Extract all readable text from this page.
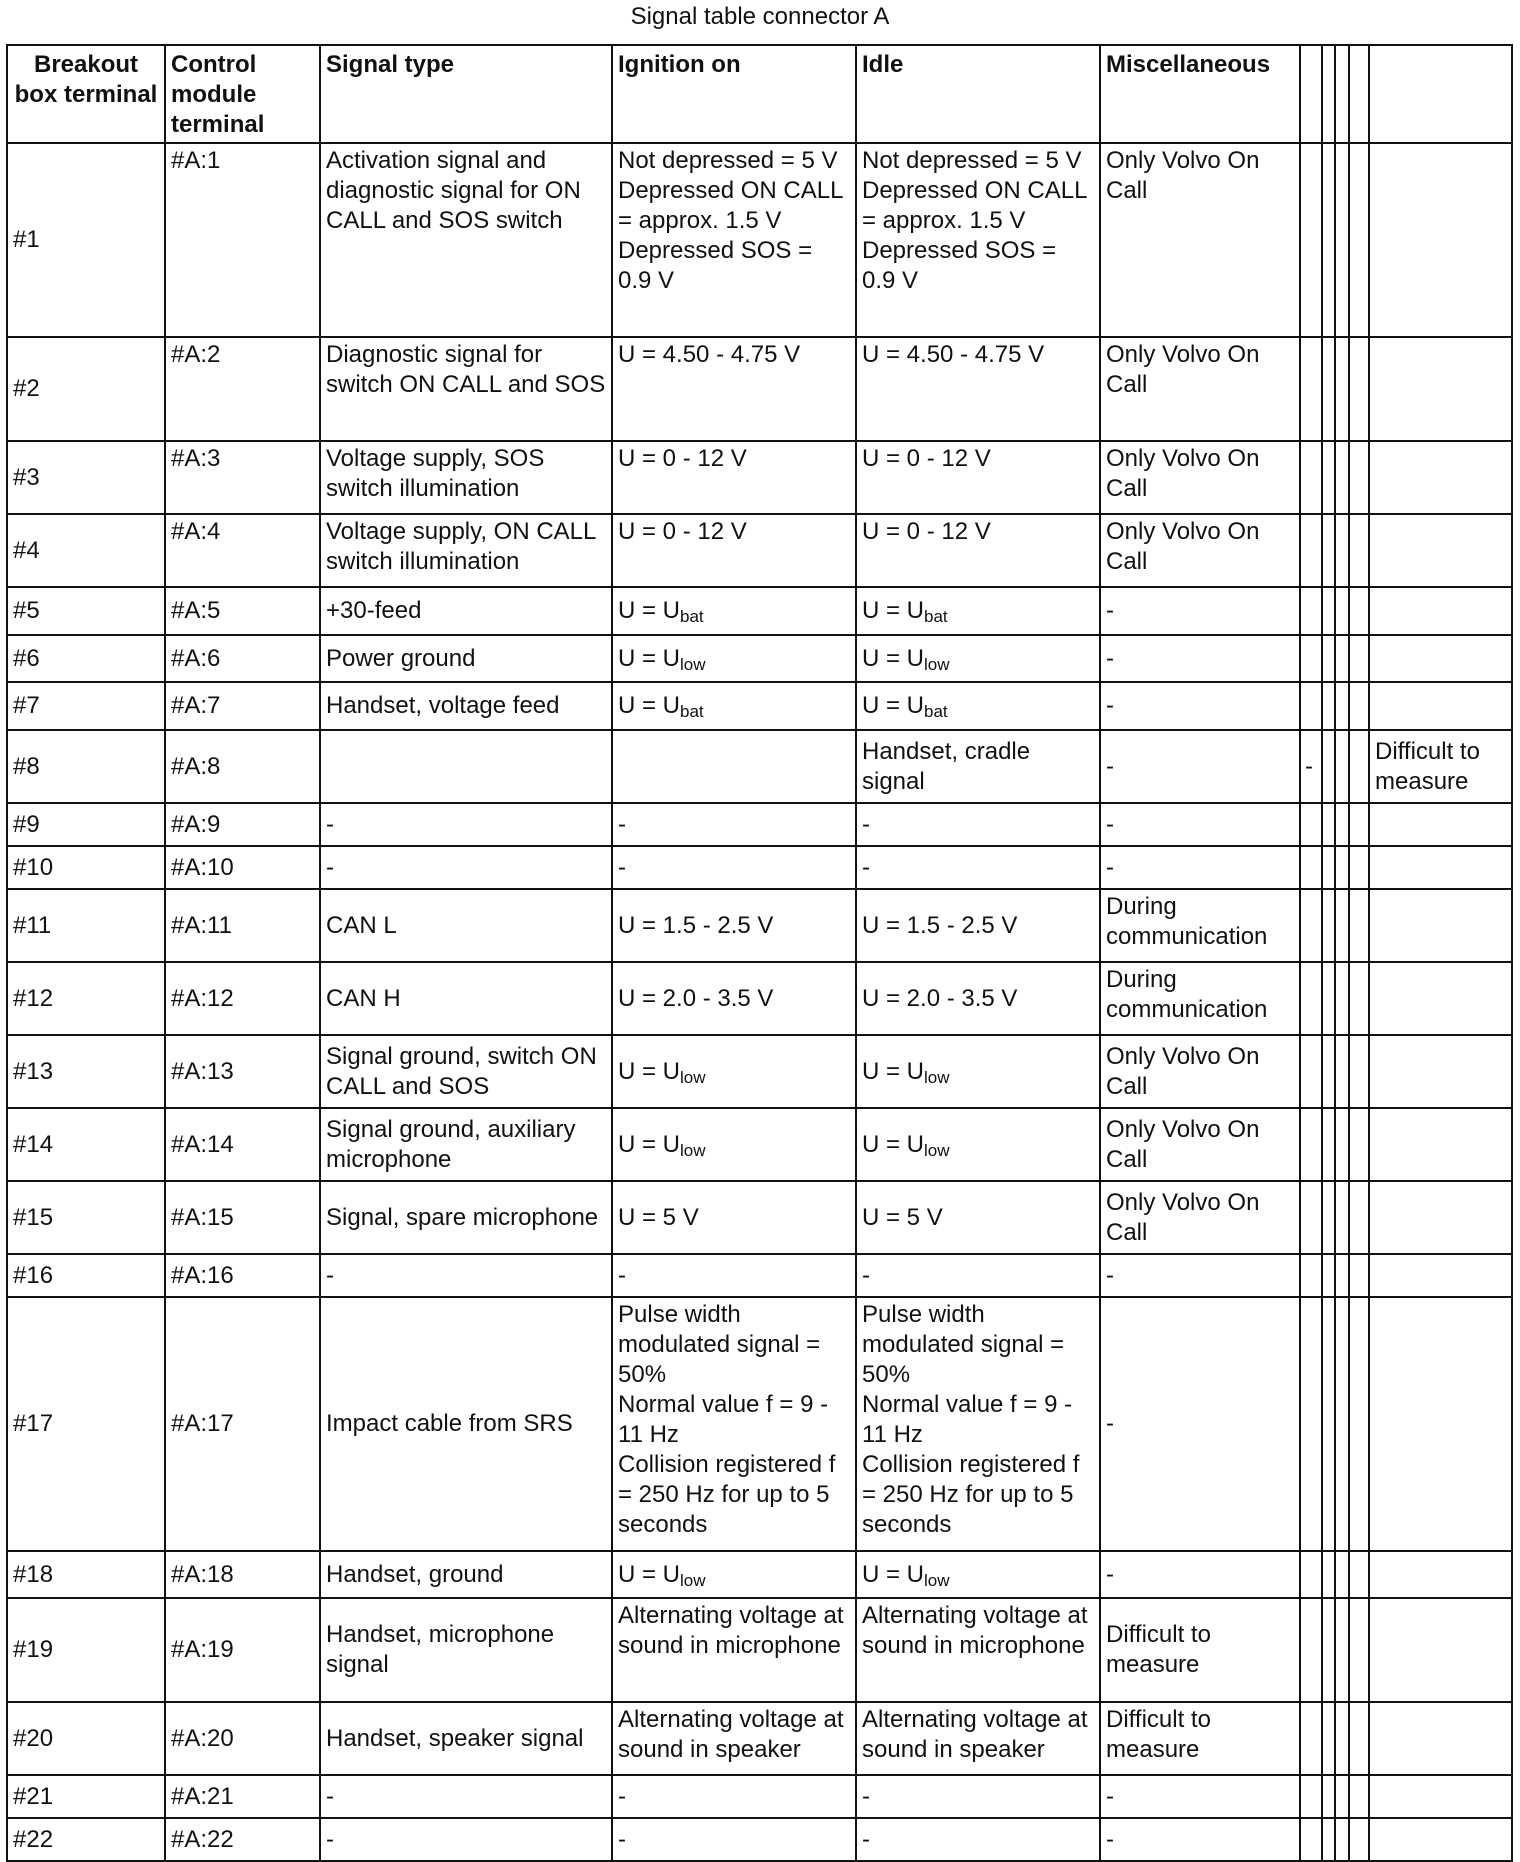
Signal table connector A
Breakout box terminal	Control module terminal	Signal type	Ignition on	Idle	Miscellaneous					
#1	#A:1	Activation signal and diagnostic signal for ON CALL and SOS switch	Not depressed = 5 V
Depressed ON CALL = approx. 1.5 V
Depressed SOS = 0.9 V	Not depressed = 5 V
Depressed ON CALL = approx. 1.5 V
Depressed SOS = 0.9 V	Only Volvo On Call					
#2	#A:2	Diagnostic signal for switch ON CALL and SOS	U = 4.50 - 4.75 V	U = 4.50 - 4.75 V	Only Volvo On Call					
#3	#A:3	Voltage supply, SOS switch illumination	U = 0 - 12 V	U = 0 - 12 V	Only Volvo On Call					
#4	#A:4	Voltage supply, ON CALL switch illumination	U = 0 - 12 V	U = 0 - 12 V	Only Volvo On Call					
#5	#A:5	+30-feed	$U = U_{bat}$	$U = U_{bat}$	-					
#6	#A:6	Power ground	$U = U_{low}$	$U = U_{low}$	-					
#7	#A:7	Handset, voltage feed	$U = U_{bat}$	$U = U_{bat}$	-					
#8	#A:8			Handset, cradle signal	-	-				Difficult to measure
#9	#A:9	-	-	-	-					
#10	#A:10	-	-	-	-					
#11	#A:11	CAN L	U = 1.5 - 2.5 V	U = 1.5 - 2.5 V	During communication					
#12	#A:12	CAN H	U = 2.0 - 3.5 V	U = 2.0 - 3.5 V	During communication					
#13	#A:13	Signal ground, switch ON CALL and SOS	$U = U_{low}$	$U = U_{low}$	Only Volvo On Call					
#14	#A:14	Signal ground, auxiliary microphone	$U = U_{low}$	$U = U_{low}$	Only Volvo On Call					
#15	#A:15	Signal, spare microphone	U = 5 V	U = 5 V	Only Volvo On Call					
#16	#A:16	-	-	-	-					
#17	#A:17	Impact cable from SRS	Pulse width modulated signal = 50%
Normal value f = 9 - 11 Hz
Collision registered f = 250 Hz for up to 5 seconds	Pulse width modulated signal = 50%
Normal value f = 9 - 11 Hz
Collision registered f = 250 Hz for up to 5 seconds	-					
#18	#A:18	Handset, ground	$U = U_{low}$	$U = U_{low}$	-					
#19	#A:19	Handset, microphone signal	Alternating voltage at sound in microphone	Alternating voltage at sound in microphone	Difficult to measure					
#20	#A:20	Handset, speaker signal	Alternating voltage at sound in speaker	Alternating voltage at sound in speaker	Difficult to measure					
#21	#A:21	-	-	-	-					
#22	#A:22	-	-	-	-					
